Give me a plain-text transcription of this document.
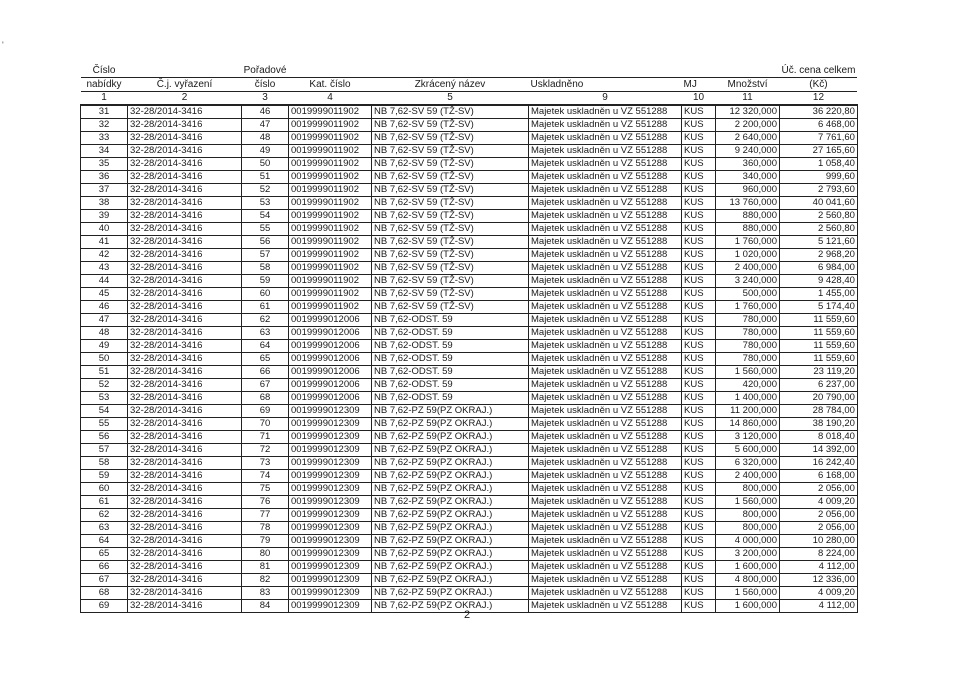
'
Číslo		Pořadové						Úč. cena celkem
nabídky	Č.j. vyřazení	číslo	Kat. číslo	Zkrácený název	Uskladněno	MJ	Množství	(Kč)
1	2	3	4	5	9	10	11	12
31	32-28/2014-3416	46	0019999011902	NB 7,62-SV 59 (TŽ-SV)	Majetek uskladněn u VZ 551288	KUS	12 320,000	36 220,80
32	32-28/2014-3416	47	0019999011902	NB 7,62-SV 59 (TŽ-SV)	Majetek uskladněn u VZ 551288	KUS	2 200,000	6 468,00
33	32-28/2014-3416	48	0019999011902	NB 7,62-SV 59 (TŽ-SV)	Majetek uskladněn u VZ 551288	KUS	2 640,000	7 761,60
34	32-28/2014-3416	49	0019999011902	NB 7,62-SV 59 (TŽ-SV)	Majetek uskladněn u VZ 551288	KUS	9 240,000	27 165,60
35	32-28/2014-3416	50	0019999011902	NB 7,62-SV 59 (TŽ-SV)	Majetek uskladněn u VZ 551288	KUS	360,000	1 058,40
36	32-28/2014-3416	51	0019999011902	NB 7,62-SV 59 (TŽ-SV)	Majetek uskladněn u VZ 551288	KUS	340,000	999,60
37	32-28/2014-3416	52	0019999011902	NB 7,62-SV 59 (TŽ-SV)	Majetek uskladněn u VZ 551288	KUS	960,000	2 793,60
38	32-28/2014-3416	53	0019999011902	NB 7,62-SV 59 (TŽ-SV)	Majetek uskladněn u VZ 551288	KUS	13 760,000	40 041,60
39	32-28/2014-3416	54	0019999011902	NB 7,62-SV 59 (TŽ-SV)	Majetek uskladněn u VZ 551288	KUS	880,000	2 560,80
40	32-28/2014-3416	55	0019999011902	NB 7,62-SV 59 (TŽ-SV)	Majetek uskladněn u VZ 551288	KUS	880,000	2 560,80
41	32-28/2014-3416	56	0019999011902	NB 7,62-SV 59 (TŽ-SV)	Majetek uskladněn u VZ 551288	KUS	1 760,000	5 121,60
42	32-28/2014-3416	57	0019999011902	NB 7,62-SV 59 (TŽ-SV)	Majetek uskladněn u VZ 551288	KUS	1 020,000	2 968,20
43	32-28/2014-3416	58	0019999011902	NB 7,62-SV 59 (TŽ-SV)	Majetek uskladněn u VZ 551288	KUS	2 400,000	6 984,00
44	32-28/2014-3416	59	0019999011902	NB 7,62-SV 59 (TŽ-SV)	Majetek uskladněn u VZ 551288	KUS	3 240,000	9 428,40
45	32-28/2014-3416	60	0019999011902	NB 7,62-SV 59 (TŽ-SV)	Majetek uskladněn u VZ 551288	KUS	500,000	1 455,00
46	32-28/2014-3416	61	0019999011902	NB 7,62-SV 59 (TŽ-SV)	Majetek uskladněn u VZ 551288	KUS	1 760,000	5 174,40
47	32-28/2014-3416	62	0019999012006	NB 7,62-ODST. 59	Majetek uskladněn u VZ 551288	KUS	780,000	11 559,60
48	32-28/2014-3416	63	0019999012006	NB 7,62-ODST. 59	Majetek uskladněn u VZ 551288	KUS	780,000	11 559,60
49	32-28/2014-3416	64	0019999012006	NB 7,62-ODST. 59	Majetek uskladněn u VZ 551288	KUS	780,000	11 559,60
50	32-28/2014-3416	65	0019999012006	NB 7,62-ODST. 59	Majetek uskladněn u VZ 551288	KUS	780,000	11 559,60
51	32-28/2014-3416	66	0019999012006	NB 7,62-ODST. 59	Majetek uskladněn u VZ 551288	KUS	1 560,000	23 119,20
52	32-28/2014-3416	67	0019999012006	NB 7,62-ODST. 59	Majetek uskladněn u VZ 551288	KUS	420,000	6 237,00
53	32-28/2014-3416	68	0019999012006	NB 7,62-ODST. 59	Majetek uskladněn u VZ 551288	KUS	1 400,000	20 790,00
54	32-28/2014-3416	69	0019999012309	NB 7,62-PZ 59(PZ OKRAJ.)	Majetek uskladněn u VZ 551288	KUS	11 200,000	28 784,00
55	32-28/2014-3416	70	0019999012309	NB 7,62-PZ 59(PZ OKRAJ.)	Majetek uskladněn u VZ 551288	KUS	14 860,000	38 190,20
56	32-28/2014-3416	71	0019999012309	NB 7,62-PZ 59(PZ OKRAJ.)	Majetek uskladněn u VZ 551288	KUS	3 120,000	8 018,40
57	32-28/2014-3416	72	0019999012309	NB 7,62-PZ 59(PZ OKRAJ.)	Majetek uskladněn u VZ 551288	KUS	5 600,000	14 392,00
58	32-28/2014-3416	73	0019999012309	NB 7,62-PZ 59(PZ OKRAJ.)	Majetek uskladněn u VZ 551288	KUS	6 320,000	16 242,40
59	32-28/2014-3416	74	0019999012309	NB 7,62-PZ 59(PZ OKRAJ.)	Majetek uskladněn u VZ 551288	KUS	2 400,000	6 168,00
60	32-28/2014-3416	75	0019999012309	NB 7,62-PZ 59(PZ OKRAJ.)	Majetek uskladněn u VZ 551288	KUS	800,000	2 056,00
61	32-28/2014-3416	76	0019999012309	NB 7,62-PZ 59(PZ OKRAJ.)	Majetek uskladněn u VZ 551288	KUS	1 560,000	4 009,20
62	32-28/2014-3416	77	0019999012309	NB 7,62-PZ 59(PZ OKRAJ.)	Majetek uskladněn u VZ 551288	KUS	800,000	2 056,00
63	32-28/2014-3416	78	0019999012309	NB 7,62-PZ 59(PZ OKRAJ.)	Majetek uskladněn u VZ 551288	KUS	800,000	2 056,00
64	32-28/2014-3416	79	0019999012309	NB 7,62-PZ 59(PZ OKRAJ.)	Majetek uskladněn u VZ 551288	KUS	4 000,000	10 280,00
65	32-28/2014-3416	80	0019999012309	NB 7,62-PZ 59(PZ OKRAJ.)	Majetek uskladněn u VZ 551288	KUS	3 200,000	8 224,00
66	32-28/2014-3416	81	0019999012309	NB 7,62-PZ 59(PZ OKRAJ.)	Majetek uskladněn u VZ 551288	KUS	1 600,000	4 112,00
67	32-28/2014-3416	82	0019999012309	NB 7,62-PZ 59(PZ OKRAJ.)	Majetek uskladněn u VZ 551288	KUS	4 800,000	12 336,00
68	32-28/2014-3416	83	0019999012309	NB 7,62-PZ 59(PZ OKRAJ.)	Majetek uskladněn u VZ 551288	KUS	1 560,000	4 009,20
69	32-28/2014-3416	84	0019999012309	NB 7,62-PZ 59(PZ OKRAJ.)	Majetek uskladněn u VZ 551288	KUS	1 600,000	4 112,00
2
